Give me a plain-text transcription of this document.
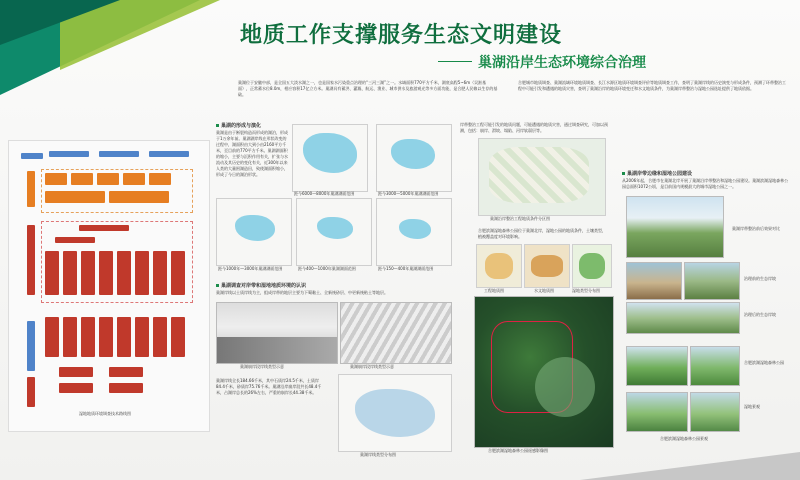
地质工作支撑服务生态文明建设
巢湖沿岸生态环境综合治理
巢湖位于安徽中部，是全国五大淡水湖之一，也是国家水污染重点治理的“三河三湖”之一。水域面积770平方千米，湖底高程5~6m（吴淞基面），正常蓄水位8.0m，相应容积17亿立方米。巢湖具有蓄洪、灌溉、航运、渔业、城市供水及旅游观光等多方面功能，是合肥人民赖以生存的基础。
合肥城市地质调查、巢湖流域环境地质调查、长江水源区地质环境调查评价等地质调查工作，查明了巢湖岸线的历史演变与形成条件，预测了环带整治工程中可能引发和遭遇的地质灾害，查明了巢湖沿岸的地质环境变迁和水文地质条件，为巢湖岸带整治与湿地公园选址提供了地质依据。
湿地地质环境调查技术路线图
巢湖的形成与演化
巢湖是由于断裂构造而形成的湖泊，形成于1万余年前。巢湖湖岸线在形状改变的过程中，湖面积由大到小由2160平方千米，至目前的770平方千米。巢湖湖面积的缩小，主要与沉积作用有关，扩张与水流动及其历史的变化有关，近300年以来人类的大量围湖造田，致使湖面积缩小，形成了今日的湖泊形状。
距今6000—8000年巢湖湖面范围	距今3000—5000年巢湖湖面范围
距今1000年—3000年巢湖湖面范围	距今400—1000年巢湖湖面范围	距今150—400年巢湖湖面范围
巢湖调查对岸带和湿地地质环境的认识
巢湖岸线以土质岸线为主，组成岸带的地层主要为下蜀黏土、全新统砂层、中更新统粘土等地层。
巢湖崩岸段岸线类型示意	巢湖崩岸段岸线类型示意
巢湖岸线全长184.66千米，其中石质岸24.5千米，土质岸84.4千米，砂质岸75.76千米。巢湖沿岸崩岸段共长48.4千米，占湖岸总长的26%左右，严重的崩岸长44.38千米。
巢湖岸线类型分布图
岸带整治工程可能引发的地质问题，可能遭遇的地质灾害，通过调查研究，可加以预测，包括：崩岸、滑坡、塌陷、河岸软弱层等。
巢湖沿岸整治工程地质条件分区图
合肥滨湖湿地森林公园位于巢湖北岸，湿地公园的地质条件，土壤类型，植被覆盖度对环境影响。
工程地质图	水文地质图	湿地类型分布图
合肥滨湖湿地森林公园遥感影像图
巢湖岸带边缘和湿地公园建设
从2006年起，合肥市在巢湖北岸开展了巢湖沿岸带整治和湿地公园建设。巢湖滨湖湿地森林公园总面积1072公顷，是目前国内规模最大的城市湿地公园之一。
巢湖岸带整治前后效果对比
治理前的生态岸坡
治理后的生态岸坡
合肥滨湖湿地森林公园
湿地景观
合肥滨湖湿地森林公园景观
